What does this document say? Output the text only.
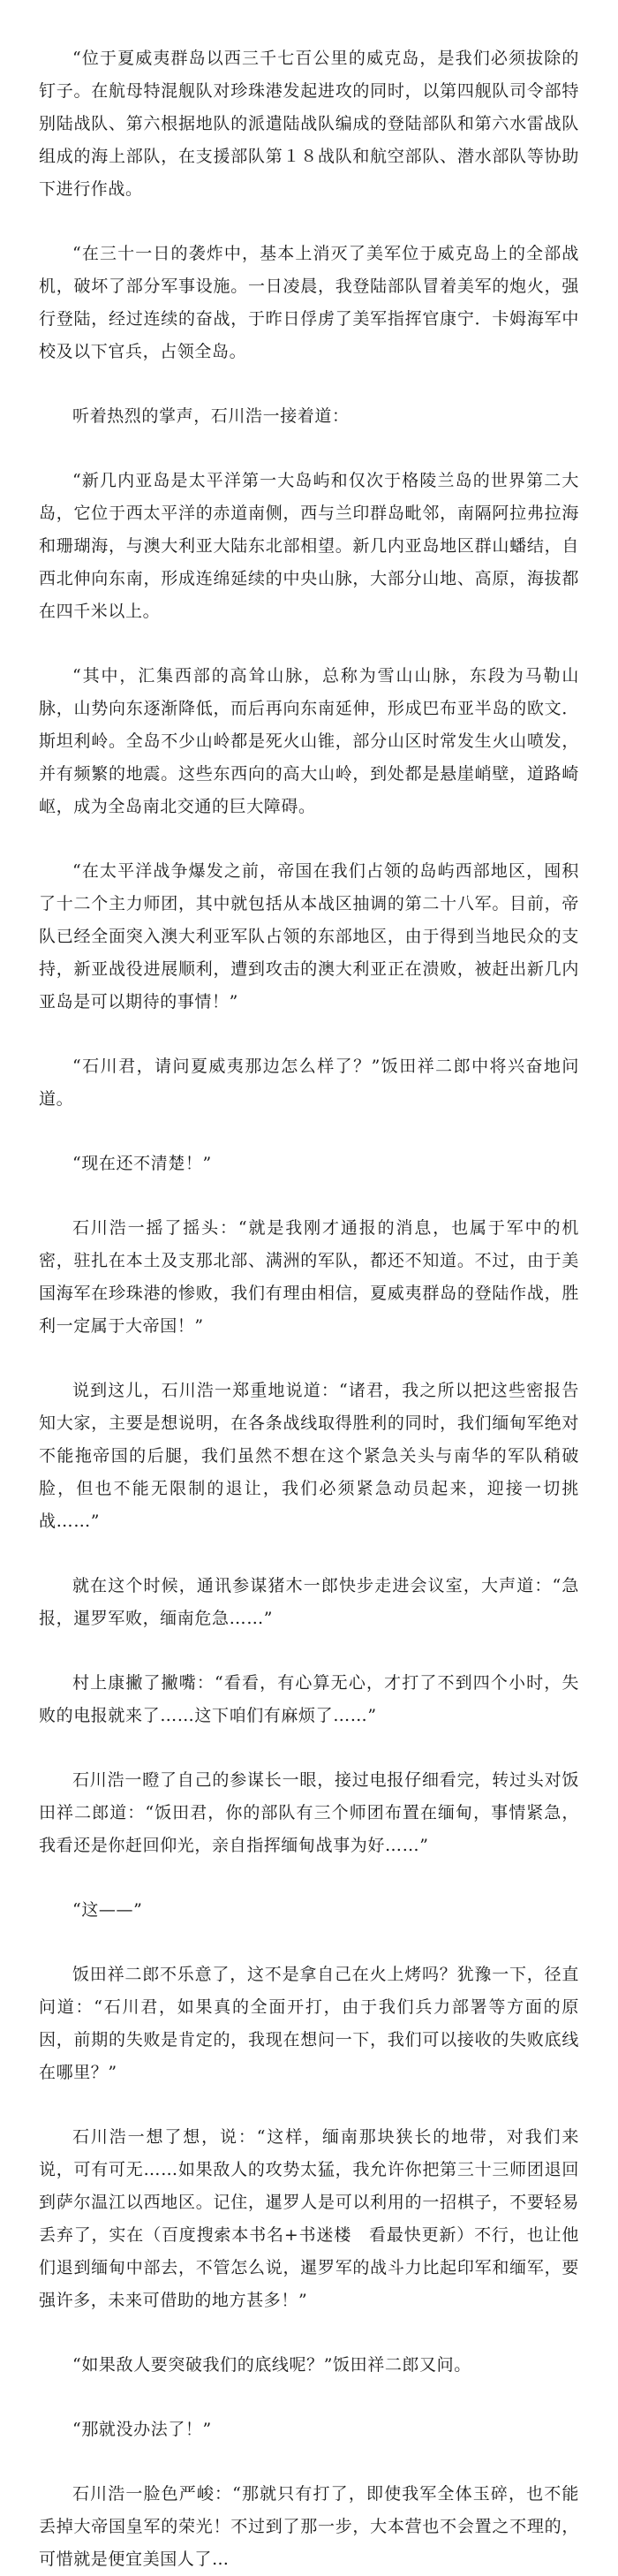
“位于夏威夷群岛以西三千七百公里的威克岛，是我们必须拔除的钉子。在航母特混舰队对珍珠港发起进攻的同时，以第四舰队司令部特别陆战队、第六根据地队的派遣陆战队编成的登陆部队和第六水雷战队组成的海上部队，在支援部队第１８战队和航空部队、潜水部队等协助下进行作战。

“在三十一日的袭炸中，基本上消灭了美军位于威克岛上的全部战机，破坏了部分军事设施。一日凌晨，我登陆部队冒着美军的炮火，强行登陆，经过连续的奋战，于昨日俘虏了美军指挥官康宁．卡姆海军中校及以下官兵，占领全岛。

听着热烈的掌声，石川浩一接着道：

“新几内亚岛是太平洋第一大岛屿和仅次于格陵兰岛的世界第二大岛，它位于西太平洋的赤道南侧，西与兰印群岛毗邻，南隔阿拉弗拉海和珊瑚海，与澳大利亚大陆东北部相望。新几内亚岛地区群山蟠结，自西北伸向东南，形成连绵延续的中央山脉，大部分山地、高原，海拔都在四千米以上。

“其中，汇集西部的高耸山脉，总称为雪山山脉，东段为马勒山脉，山势向东逐渐降低，而后再向东南延伸，形成巴布亚半岛的欧文．斯坦利岭。全岛不少山岭都是死火山锥，部分山区时常发生火山喷发，并有频繁的地震。这些东西向的高大山岭，到处都是悬崖峭壁，道路崎岖，成为全岛南北交通的巨大障碍。

“在太平洋战争爆发之前，帝国在我们占领的岛屿西部地区，囤积了十二个主力师团，其中就包括从本战区抽调的第二十八军。目前，帝队已经全面突入澳大利亚军队占领的东部地区，由于得到当地民众的支持，新亚战役进展顺利，遭到攻击的澳大利亚正在溃败，被赶出新几内亚岛是可以期待的事情！”

“石川君，请问夏威夷那边怎么样了？”饭田祥二郎中将兴奋地问道。

“现在还不清楚！”

石川浩一摇了摇头：“就是我刚才通报的消息，也属于军中的机密，驻扎在本土及支那北部、满洲的军队，都还不知道。不过，由于美国海军在珍珠港的惨败，我们有理由相信，夏威夷群岛的登陆作战，胜利一定属于大帝国！”

说到这儿，石川浩一郑重地说道：“诸君，我之所以把这些密报告知大家，主要是想说明，在各条战线取得胜利的同时，我们缅甸军绝对不能拖帝国的后腿，我们虽然不想在这个紧急关头与南华的军队稍破脸，但也不能无限制的退让，我们必须紧急动员起来，迎接一切挑战……”

就在这个时候，通讯参谋猪木一郎快步走进会议室，大声道：“急报，暹罗军败，缅南危急……”

村上康撇了撇嘴：“看看，有心算无心，才打了不到四个小时，失败的电报就来了……这下咱们有麻烦了……”

石川浩一瞪了自己的参谋长一眼，接过电报仔细看完，转过头对饭田祥二郎道：“饭田君，你的部队有三个师团布置在缅甸，事情紧急，我看还是你赶回仰光，亲自指挥缅甸战事为好……”

“这——”

饭田祥二郎不乐意了，这不是拿自己在火上烤吗？犹豫一下，径直问道：“石川君，如果真的全面开打，由于我们兵力部署等方面的原因，前期的失败是肯定的，我现在想问一下，我们可以接收的失败底线在哪里？”

石川浩一想了想，说：“这样，缅南那块狭长的地带，对我们来说，可有可无……如果敌人的攻势太猛，我允许你把第三十三师团退回到萨尔温江以西地区。记住，暹罗人是可以利用的一招棋子，不要轻易丢弃了，实在（百度搜索本书名+书迷楼　看最快更新）不行，也让他们退到缅甸中部去，不管怎么说，暹罗军的战斗力比起印军和缅军，要强许多，未来可借助的地方甚多！”

“如果敌人要突破我们的底线呢？”饭田祥二郎又问。

“那就没办法了！”

石川浩一脸色严峻：“那就只有打了，即使我军全体玉碎，也不能丢掉大帝国皇军的荣光！不过到了那一步，大本营也不会置之不理的，可惜就是便宜美国人了…
